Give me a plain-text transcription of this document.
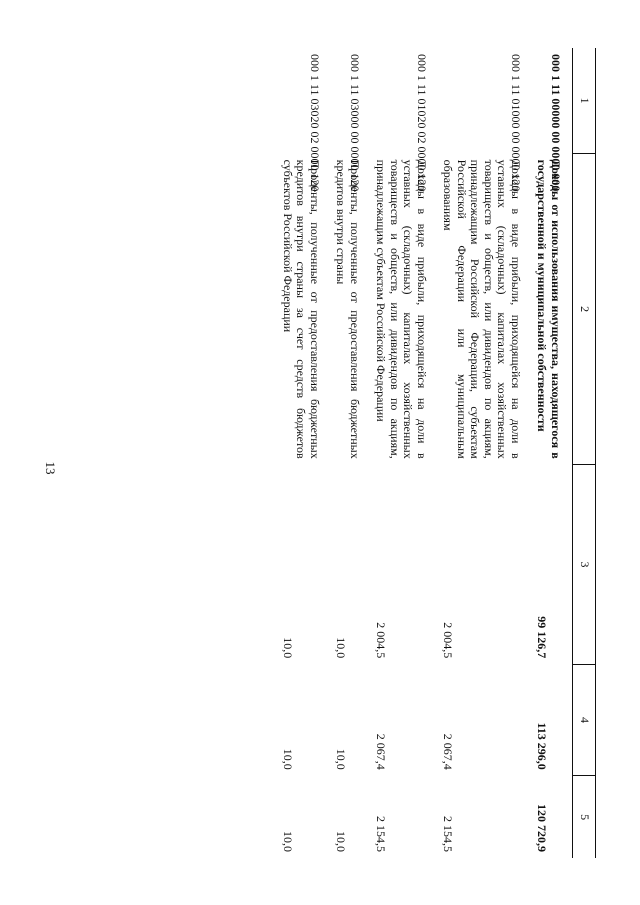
13
1	2	3	4	5
000 1 11 00000 00 0000 000	Доходы от использования имущества, находящегося в государственной и муниципальной собственности	99 126,7	113 296,0	120 720,9
000 1 11 01000 00 0000 120	Доходы в виде прибыли, приходящейся на доли в уставных (складочных) капиталах хозяйственных товариществ и обществ, или дивидендов по акциям, принадлежащим Российской Федерации, субъектам Российской Федерации или муниципальным образованиям	2 004,5	2 067,4	2 154,5
000 1 11 01020 02 0000 120	Доходы в виде прибыли, приходящейся на доли в уставных (складочных) капиталах хозяйственных товариществ и обществ, или дивидендов по акциям, принадлежащим субъектам Российской Федерации	2 004,5	2 067,4	2 154,5
000 1 11 03000 00 0000 120	Проценты, полученные от предоставления бюджетных кредитов внутри страны	10,0	10,0	10,0
000 1 11 03020 02 0000 120	Проценты, полученные от предоставления бюджетных кредитов внутри страны за счет средств бюджетов субъектов Российской Федерации	10,0	10,0	10,0
